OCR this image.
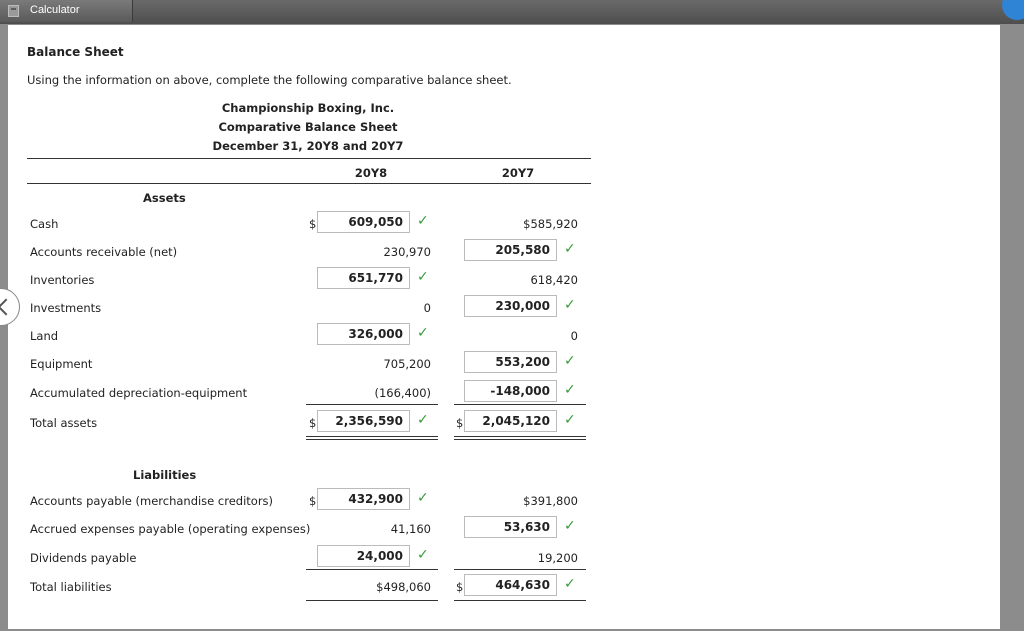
Calculator
Balance Sheet
Using the information on above, complete the following comparative balance sheet.
Championship Boxing, Inc.
Comparative Balance Sheet
December 31, 20Y8 and 20Y7
20Y8	20Y7
Assets
Cash	$	609,050	✓	$585,920
Accounts receivable (net)	230,970	205,580	✓
Inventories	651,770	✓	618,420
Investments	0	230,000	✓
Land	326,000	✓	0
Equipment	705,200	553,200	✓
Accumulated depreciation-equipment	(166,400)	-148,000	✓
Total assets	$	2,356,590	✓ $	2,045,120	✓
Liabilities
Accounts payable (merchandise creditors)	$	432,900	✓	$391,800
Accrued expenses payable (operating expenses)	41,160	53,630	✓
Dividends payable	24,000	✓	19,200
Total liabilities	$498,060 $	464,630	✓
